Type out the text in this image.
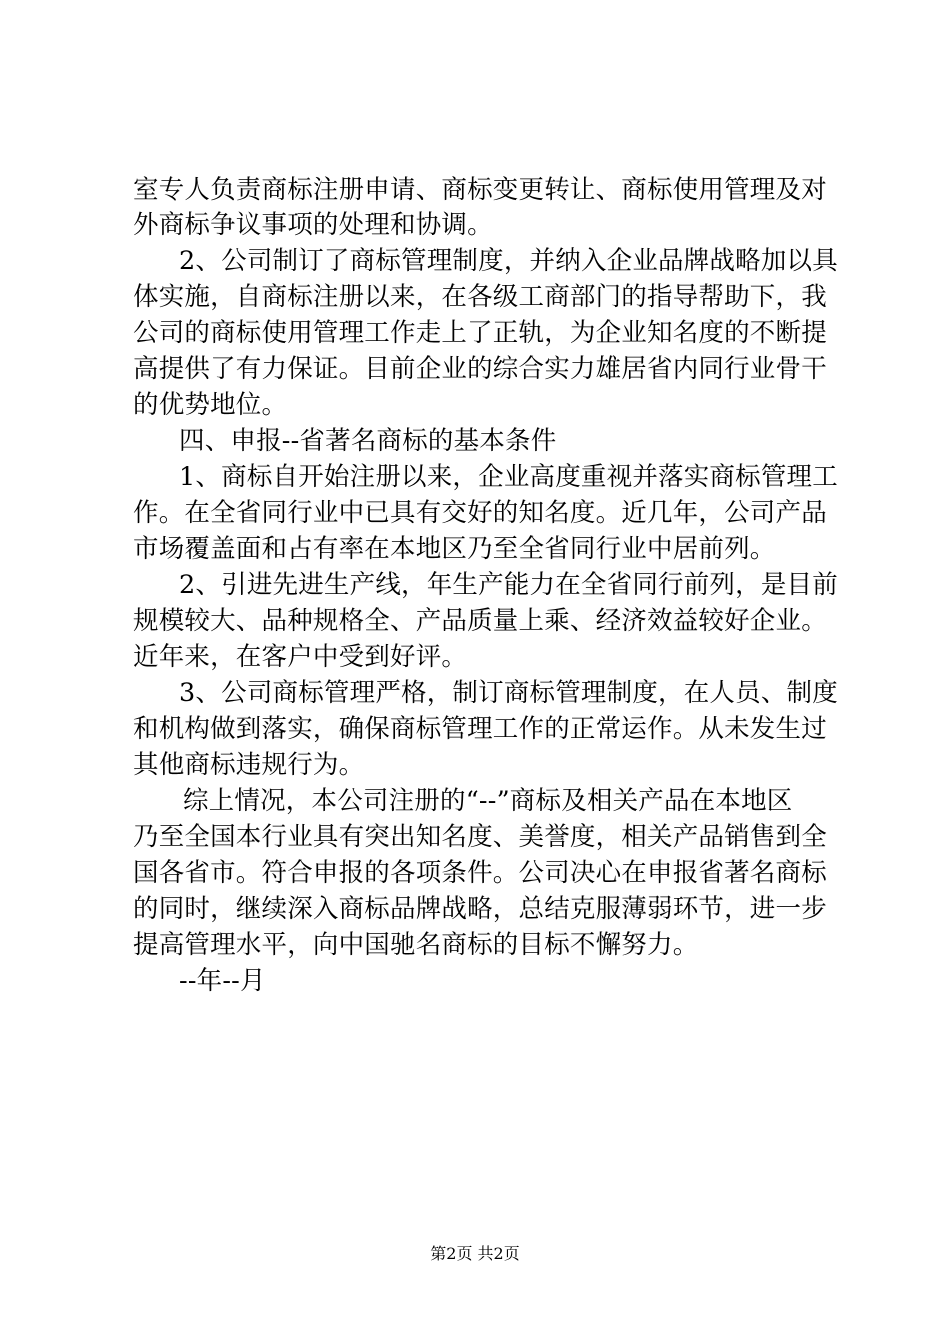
室专人负责商标注册申请、商标变更转让、商标使用管理及对
外商标争议事项的处理和协调。
2、公司制订了商标管理制度，并纳入企业品牌战略加以具
体实施，自商标注册以来，在各级工商部门的指导帮助下，我
公司的商标使用管理工作走上了正轨，为企业知名度的不断提
高提供了有力保证。目前企业的综合实力雄居省内同行业骨干
的优势地位。
四、申报--省著名商标的基本条件
1、商标自开始注册以来，企业高度重视并落实商标管理工
作。在全省同行业中已具有交好的知名度。近几年，公司产品
市场覆盖面和占有率在本地区乃至全省同行业中居前列。
2、引进先进生产线，年生产能力在全省同行前列，是目前
规模较大、品种规格全、产品质量上乘、经济效益较好企业。
近年来，在客户中受到好评。
3、公司商标管理严格，制订商标管理制度，在人员、制度
和机构做到落实，确保商标管理工作的正常运作。从未发生过
其他商标违规行为。
综上情况，本公司注册的“--”商标及相关产品在本地区
乃至全国本行业具有突出知名度、美誉度，相关产品销售到全
国各省市。符合申报的各项条件。公司决心在申报省著名商标
的同时，继续深入商标品牌战略，总结克服薄弱环节，进一步
提高管理水平，向中国驰名商标的目标不懈努力。
--年--月
第2页 共2页
